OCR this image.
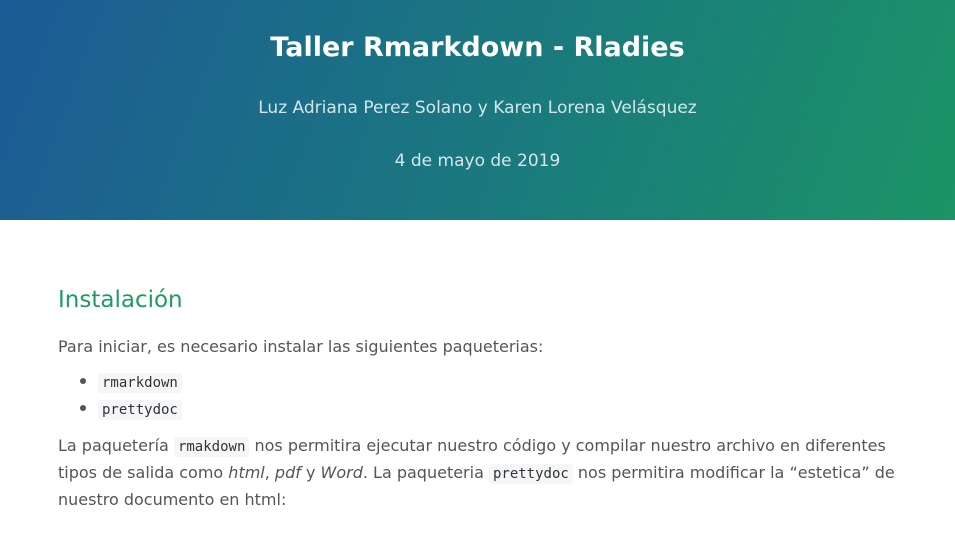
Taller Rmarkdown - Rladies
Luz Adriana Perez Solano y Karen Lorena Velásquez
4 de mayo de 2019
Instalación

Para iniciar, es necesario instalar las siguientes paqueterias:

rmarkdown
prettydoc

La paquetería rmakdown nos permitira ejecutar nuestro código y compilar nuestro archivo en diferentes tipos de salida como html, pdf y Word. La paqueteria prettydoc nos permitira modificar la “estetica” de nuestro documento en html:
